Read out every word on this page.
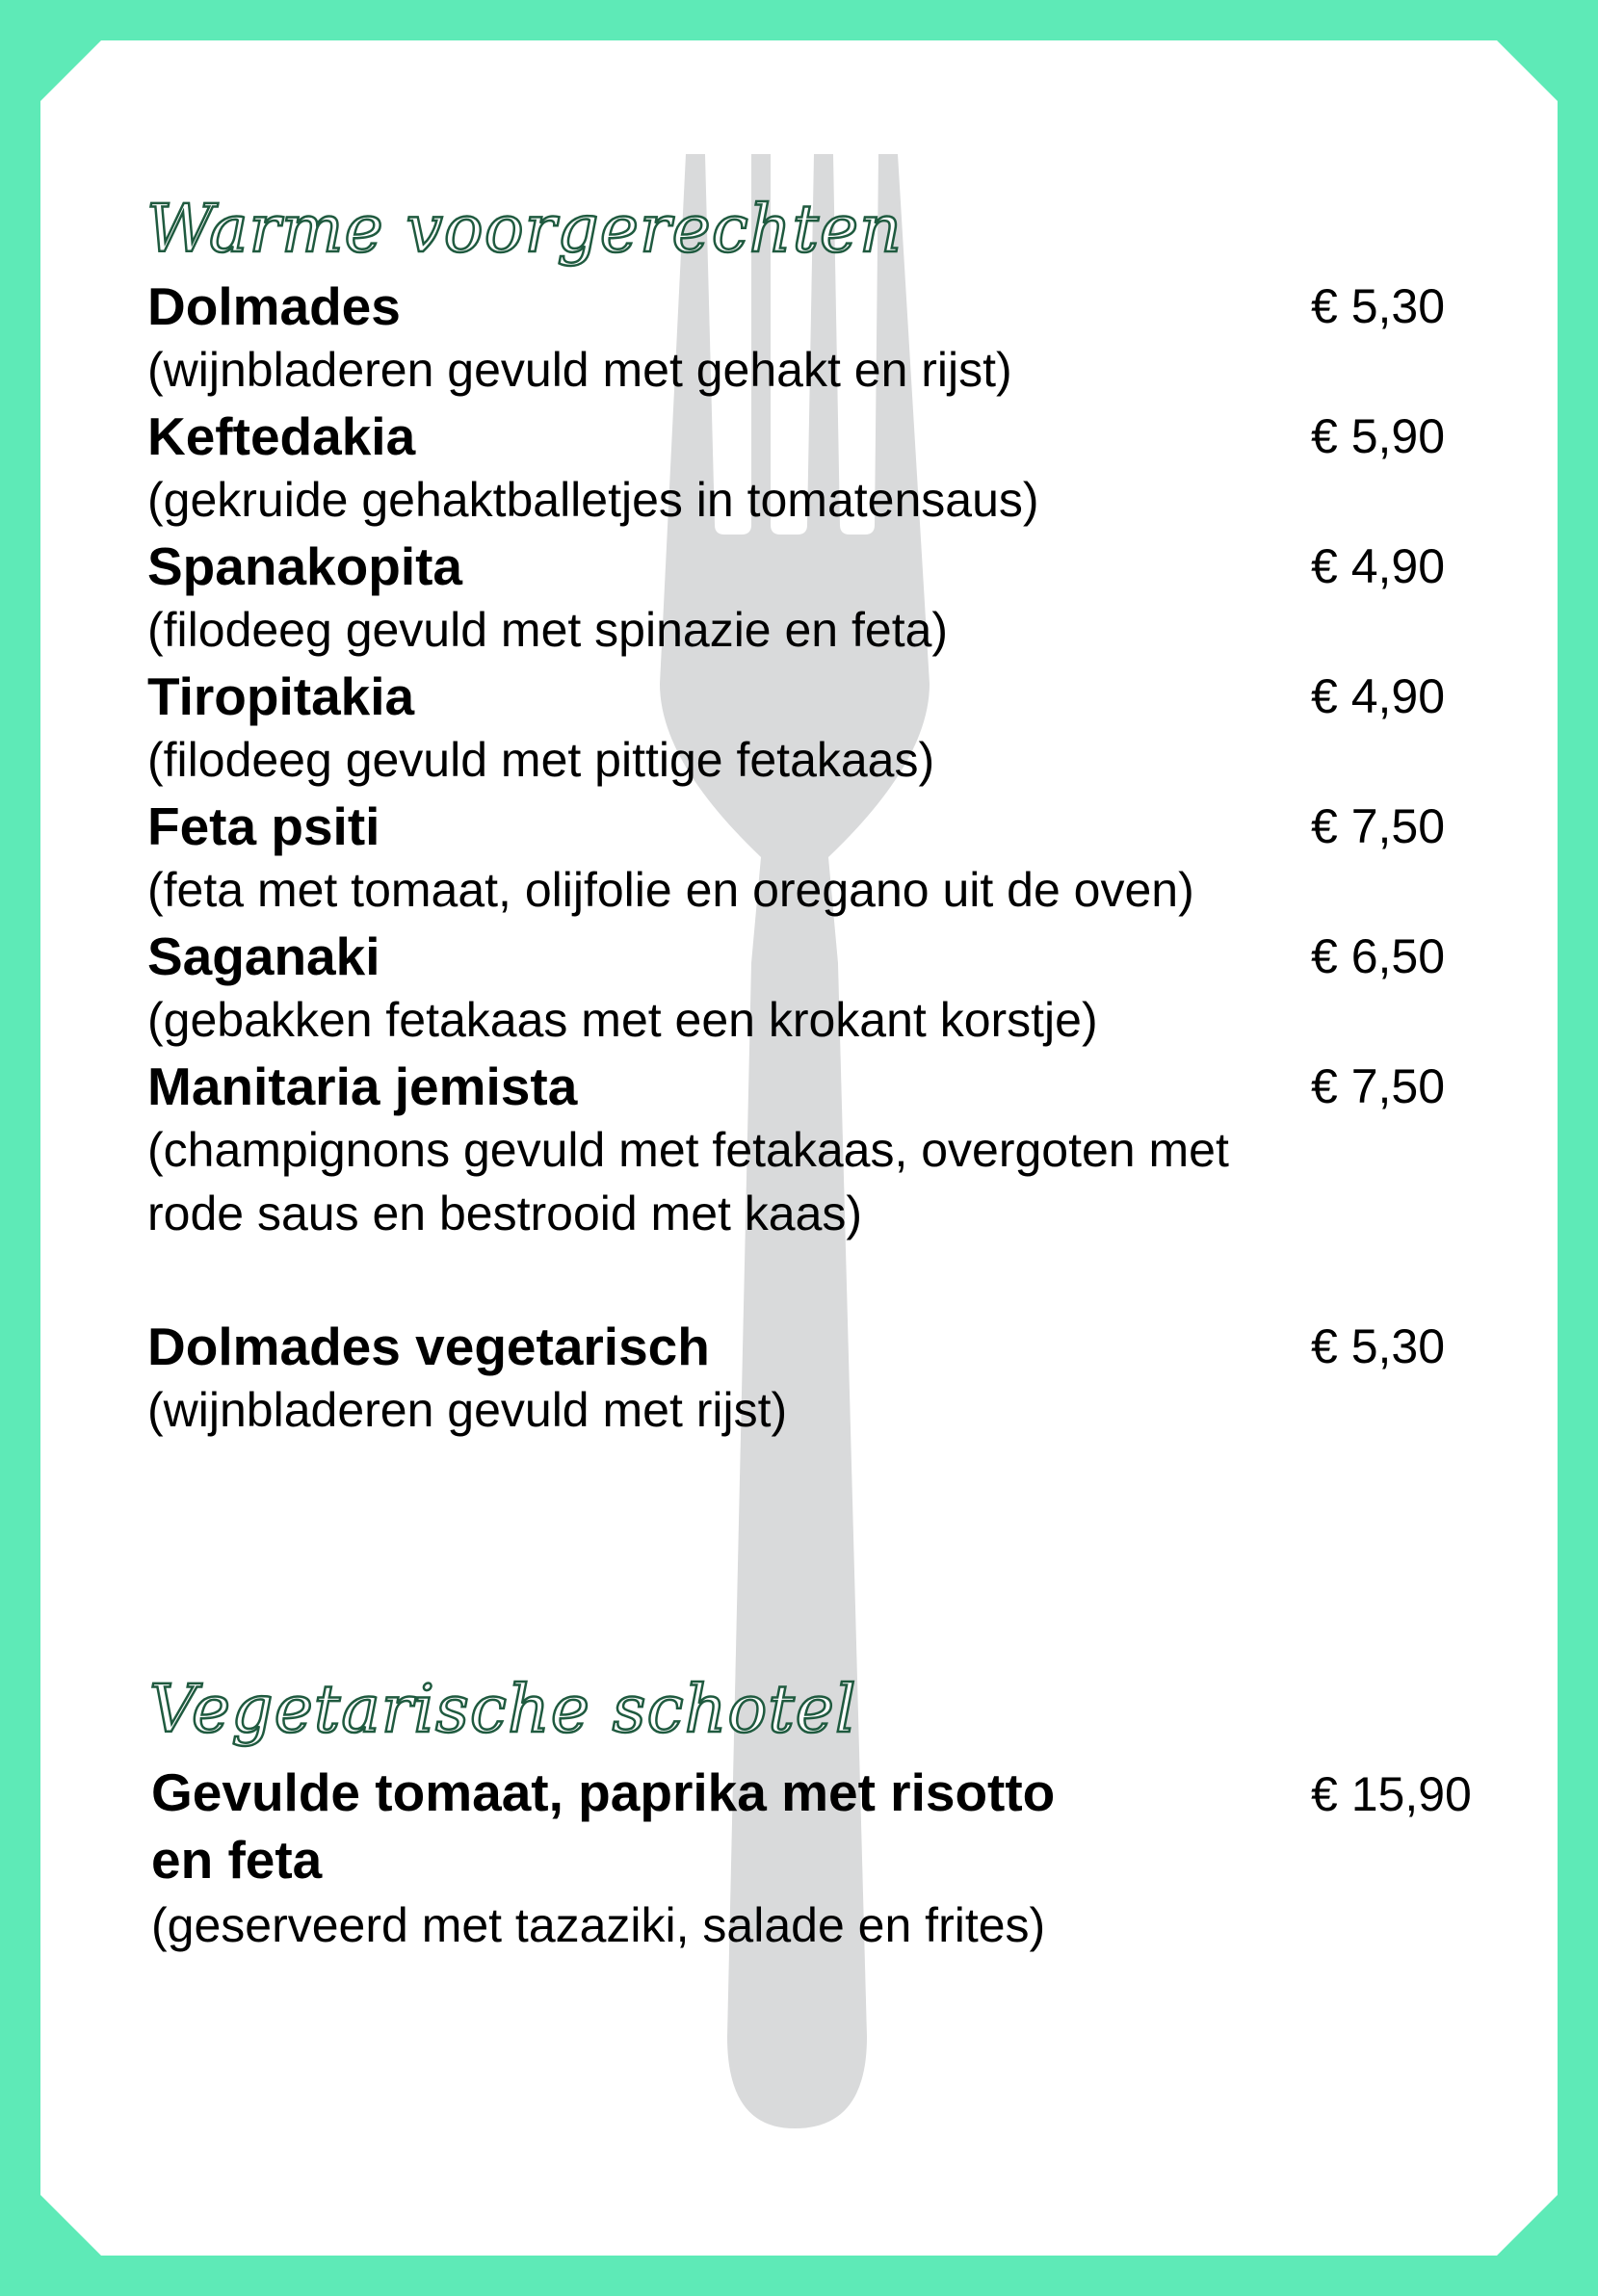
Warme voorgerechten
Dolmades
(wijnbladeren gevuld met gehakt en rijst)
€ 5,30
Keftedakia
(gekruide gehaktballetjes in tomatensaus)
€ 5,90
Spanakopita
(filodeeg gevuld met spinazie en feta)
€ 4,90
Tiropitakia
(filodeeg gevuld met pittige fetakaas)
€ 4,90
Feta psiti
(feta met tomaat, olijfolie en oregano uit de oven)
€ 7,50
Saganaki
(gebakken fetakaas met een krokant korstje)
€ 6,50
Manitaria jemista
(champignons gevuld met fetakaas, overgoten met
rode saus en bestrooid met kaas)
€ 7,50
Dolmades vegetarisch
(wijnbladeren gevuld met rijst)
€ 5,30
Vegetarische schotel
Gevulde tomaat, paprika met risotto en feta
(geserveerd met tazaziki, salade en frites)
€ 15,90
